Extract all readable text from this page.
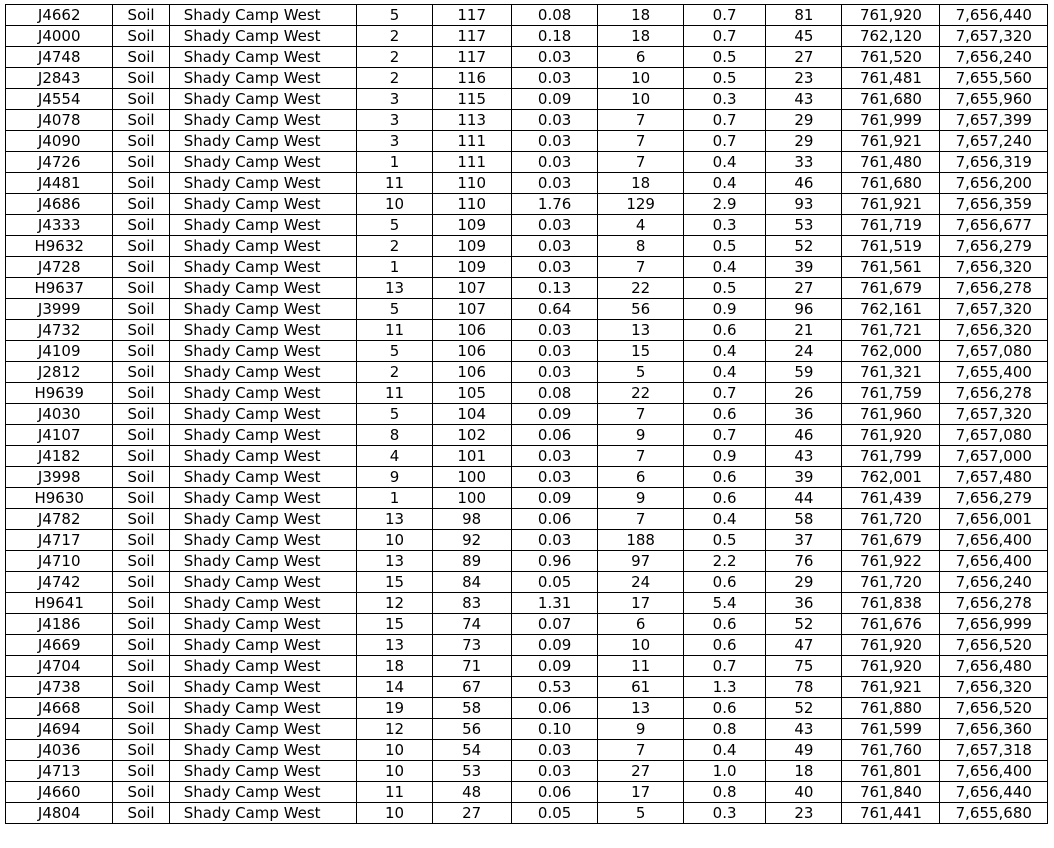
J4662	Soil	Shady Camp West	5	117	0.08	18	0.7	81	761,920	7,656,440
J4000	Soil	Shady Camp West	2	117	0.18	18	0.7	45	762,120	7,657,320
J4748	Soil	Shady Camp West	2	117	0.03	6	0.5	27	761,520	7,656,240
J2843	Soil	Shady Camp West	2	116	0.03	10	0.5	23	761,481	7,655,560
J4554	Soil	Shady Camp West	3	115	0.09	10	0.3	43	761,680	7,655,960
J4078	Soil	Shady Camp West	3	113	0.03	7	0.7	29	761,999	7,657,399
J4090	Soil	Shady Camp West	3	111	0.03	7	0.7	29	761,921	7,657,240
J4726	Soil	Shady Camp West	1	111	0.03	7	0.4	33	761,480	7,656,319
J4481	Soil	Shady Camp West	11	110	0.03	18	0.4	46	761,680	7,656,200
J4686	Soil	Shady Camp West	10	110	1.76	129	2.9	93	761,921	7,656,359
J4333	Soil	Shady Camp West	5	109	0.03	4	0.3	53	761,719	7,656,677
H9632	Soil	Shady Camp West	2	109	0.03	8	0.5	52	761,519	7,656,279
J4728	Soil	Shady Camp West	1	109	0.03	7	0.4	39	761,561	7,656,320
H9637	Soil	Shady Camp West	13	107	0.13	22	0.5	27	761,679	7,656,278
J3999	Soil	Shady Camp West	5	107	0.64	56	0.9	96	762,161	7,657,320
J4732	Soil	Shady Camp West	11	106	0.03	13	0.6	21	761,721	7,656,320
J4109	Soil	Shady Camp West	5	106	0.03	15	0.4	24	762,000	7,657,080
J2812	Soil	Shady Camp West	2	106	0.03	5	0.4	59	761,321	7,655,400
H9639	Soil	Shady Camp West	11	105	0.08	22	0.7	26	761,759	7,656,278
J4030	Soil	Shady Camp West	5	104	0.09	7	0.6	36	761,960	7,657,320
J4107	Soil	Shady Camp West	8	102	0.06	9	0.7	46	761,920	7,657,080
J4182	Soil	Shady Camp West	4	101	0.03	7	0.9	43	761,799	7,657,000
J3998	Soil	Shady Camp West	9	100	0.03	6	0.6	39	762,001	7,657,480
H9630	Soil	Shady Camp West	1	100	0.09	9	0.6	44	761,439	7,656,279
J4782	Soil	Shady Camp West	13	98	0.06	7	0.4	58	761,720	7,656,001
J4717	Soil	Shady Camp West	10	92	0.03	188	0.5	37	761,679	7,656,400
J4710	Soil	Shady Camp West	13	89	0.96	97	2.2	76	761,922	7,656,400
J4742	Soil	Shady Camp West	15	84	0.05	24	0.6	29	761,720	7,656,240
H9641	Soil	Shady Camp West	12	83	1.31	17	5.4	36	761,838	7,656,278
J4186	Soil	Shady Camp West	15	74	0.07	6	0.6	52	761,676	7,656,999
J4669	Soil	Shady Camp West	13	73	0.09	10	0.6	47	761,920	7,656,520
J4704	Soil	Shady Camp West	18	71	0.09	11	0.7	75	761,920	7,656,480
J4738	Soil	Shady Camp West	14	67	0.53	61	1.3	78	761,921	7,656,320
J4668	Soil	Shady Camp West	19	58	0.06	13	0.6	52	761,880	7,656,520
J4694	Soil	Shady Camp West	12	56	0.10	9	0.8	43	761,599	7,656,360
J4036	Soil	Shady Camp West	10	54	0.03	7	0.4	49	761,760	7,657,318
J4713	Soil	Shady Camp West	10	53	0.03	27	1.0	18	761,801	7,656,400
J4660	Soil	Shady Camp West	11	48	0.06	17	0.8	40	761,840	7,656,440
J4804	Soil	Shady Camp West	10	27	0.05	5	0.3	23	761,441	7,655,680
